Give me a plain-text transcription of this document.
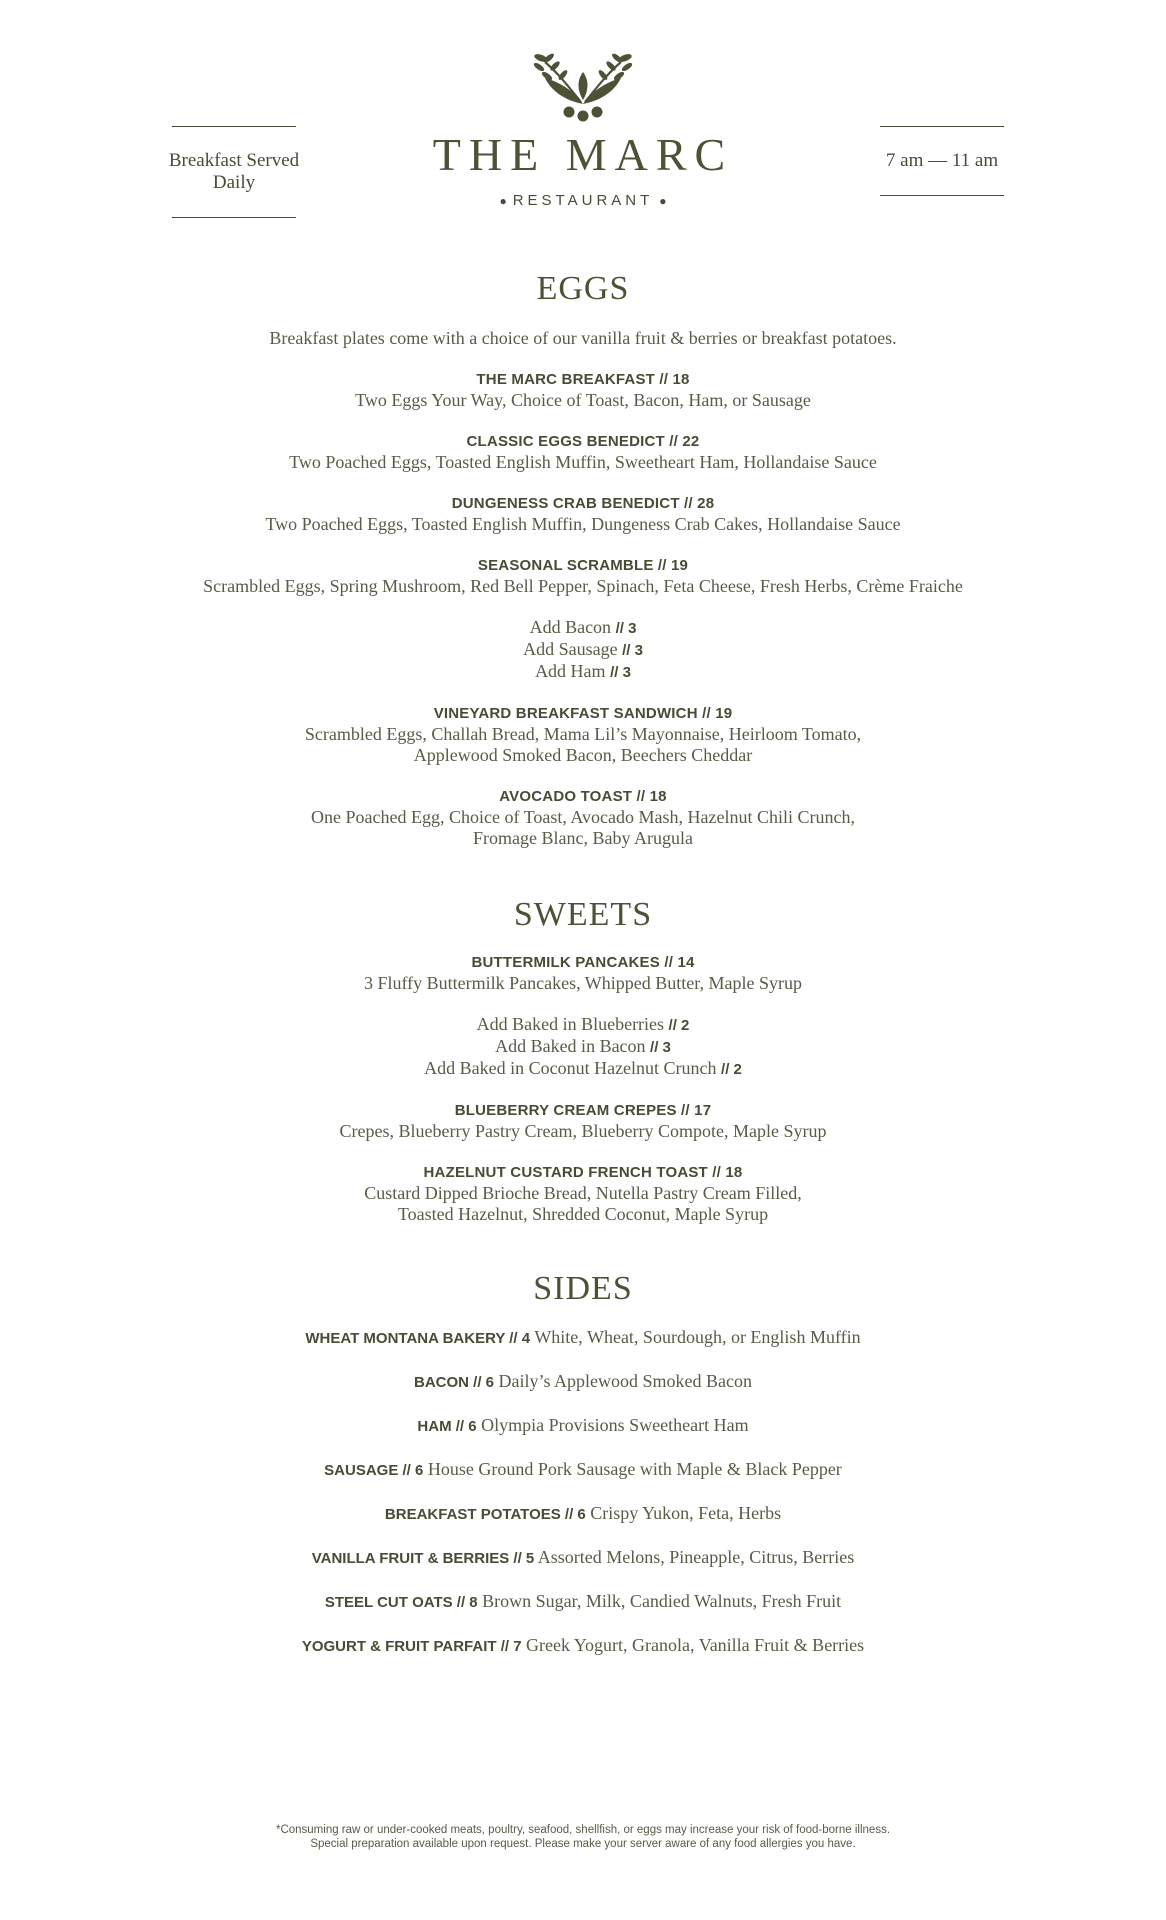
Breakfast Served Daily
THE MARC
● RESTAURANT ●
7 am — 11 am
EGGS
Breakfast plates come with a choice of our vanilla fruit & berries or breakfast potatoes.
THE MARC BREAKFAST // 18
Two Eggs Your Way, Choice of Toast, Bacon, Ham, or Sausage
CLASSIC EGGS BENEDICT // 22
Two Poached Eggs, Toasted English Muffin, Sweetheart Ham, Hollandaise Sauce
DUNGENESS CRAB BENEDICT // 28
Two Poached Eggs, Toasted English Muffin, Dungeness Crab Cakes, Hollandaise Sauce
SEASONAL SCRAMBLE // 19
Scrambled Eggs, Spring Mushroom, Red Bell Pepper, Spinach, Feta Cheese, Fresh Herbs, Crème Fraiche
Add Bacon // 3
Add Sausage // 3
Add Ham // 3
VINEYARD BREAKFAST SANDWICH // 19
Scrambled Eggs, Challah Bread, Mama Lil’s Mayonnaise, Heirloom Tomato,
Applewood Smoked Bacon, Beechers Cheddar
AVOCADO TOAST // 18
One Poached Egg, Choice of Toast, Avocado Mash, Hazelnut Chili Crunch,
Fromage Blanc, Baby Arugula
SWEETS
BUTTERMILK PANCAKES // 14
3 Fluffy Buttermilk Pancakes, Whipped Butter, Maple Syrup
Add Baked in Blueberries // 2
Add Baked in Bacon // 3
Add Baked in Coconut Hazelnut Crunch // 2
BLUEBERRY CREAM CREPES // 17
Crepes, Blueberry Pastry Cream, Blueberry Compote, Maple Syrup
HAZELNUT CUSTARD FRENCH TOAST // 18
Custard Dipped Brioche Bread, Nutella Pastry Cream Filled,
Toasted Hazelnut, Shredded Coconut, Maple Syrup
SIDES
WHEAT MONTANA BAKERY // 4 White, Wheat, Sourdough, or English Muffin
BACON // 6 Daily’s Applewood Smoked Bacon
HAM // 6 Olympia Provisions Sweetheart Ham
SAUSAGE // 6 House Ground Pork Sausage with Maple & Black Pepper
BREAKFAST POTATOES // 6 Crispy Yukon, Feta, Herbs
VANILLA FRUIT & BERRIES // 5 Assorted Melons, Pineapple, Citrus, Berries
STEEL CUT OATS // 8 Brown Sugar, Milk, Candied Walnuts, Fresh Fruit
YOGURT & FRUIT PARFAIT // 7 Greek Yogurt, Granola, Vanilla Fruit & Berries
*Consuming raw or under-cooked meats, poultry, seafood, shellfish, or eggs may increase your risk of food-borne illness.
Special preparation available upon request. Please make your server aware of any food allergies you have.
